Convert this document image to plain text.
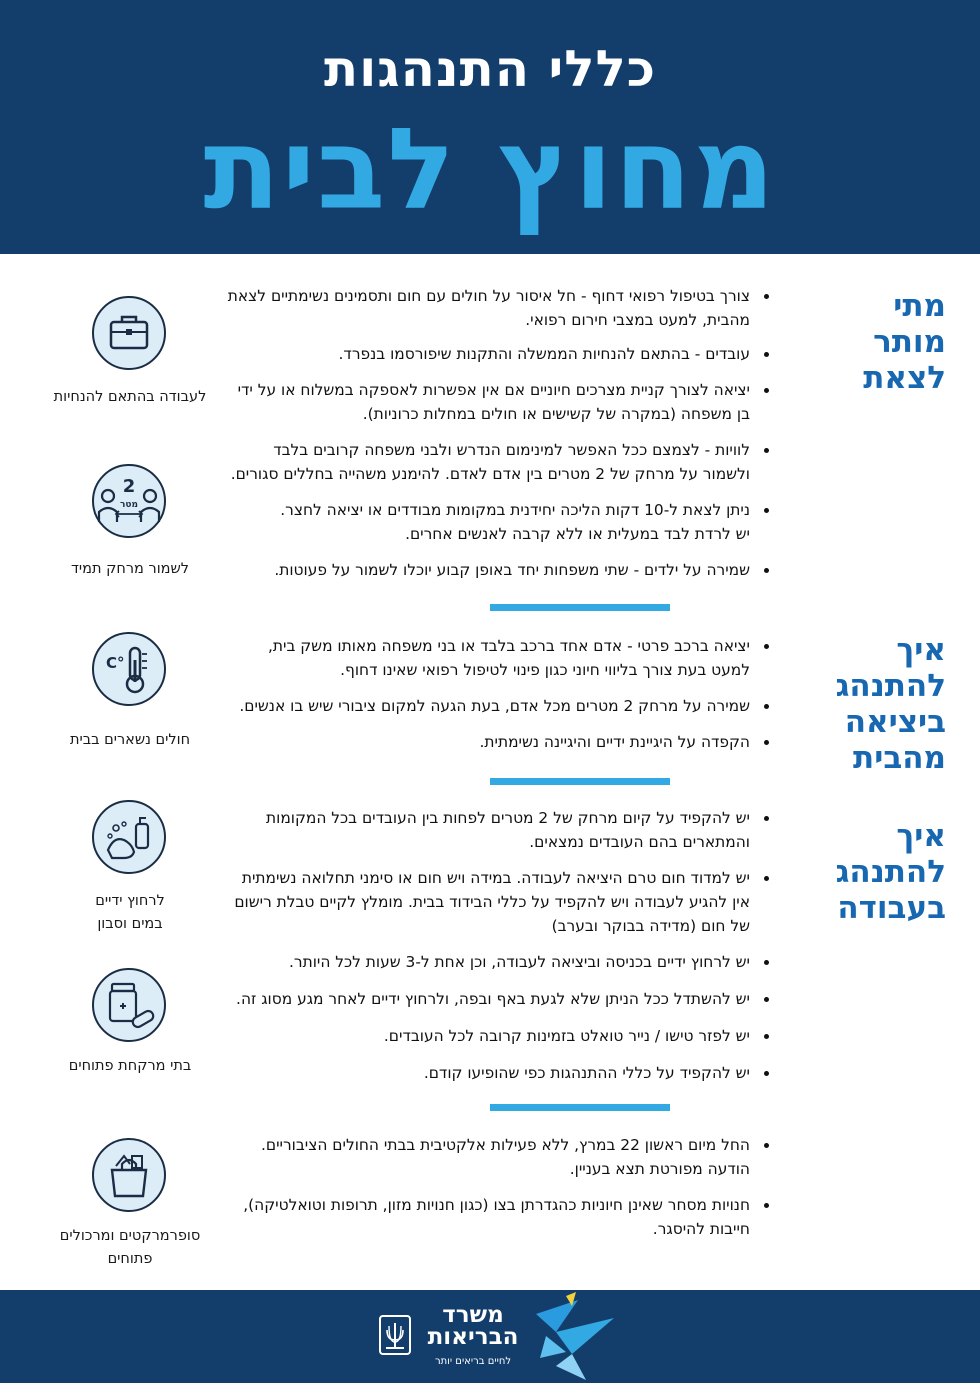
כללי התנהגות
מחוץ לבית
מתי
מותר
לצאת
איך
להתנהג
ביציאה
מהבית
איך
להתנהג
בעבודה
צורך בטיפול רפואי דחוף - חל איסור על חולים עם חום ותסמינים נשימתיים לצאת
מהבית, למעט במצבי חירום רפואי.
עובדים - בהתאם להנחיות הממשלה והתקנות שיפורסמו בנפרד.
יציאה לצורך קניית מצרכים חיוניים אם אין אפשרות לאספקה במשלוח או על ידי
בן משפחה (במקרה של קשישים או חולים במחלות כרוניות).
לוויות - לצמצם ככל האפשר למינימום הנדרש ולבני משפחה קרובים בלבד
ולשמור על מרחק של 2 מטרים בין אדם לאדם. להימנע משהייה בחללים סגורים.
ניתן לצאת ל-10 דקות הליכה יחידנית במקומות מבודדים או יציאה לחצר.
יש לרדת לבד במעלית או ללא קרבה לאנשים אחרים.
שמירה על ילדים - שתי משפחות יחד באופן קבוע יוכלו לשמור על פעוטות.
יציאה ברכב פרטי - אדם אחד ברכב בלבד או בני משפחה מאותו משק בית,
למעט בעת צורך בליווי חיוני כגון פינוי לטיפול רפואי שאינו דחוף.
שמירה על מרחק 2 מטרים מכל אדם, בעת הגעה למקום ציבורי שיש בו אנשים.
הקפדה על היגיינת ידיים והיגיינה נשימתית.
יש להקפיד על קיום מרחק של 2 מטרים לפחות בין העובדים בכל המקומות
והמתארים בהם העובדים נמצאים.
יש למדוד חום טרם היציאה לעבודה. במידה ויש חום או סימני תחלואה נשימתית
אין להגיע לעבודה ויש להקפיד על כללי הבידוד בבית. מומלץ לקיים טבלת רישום
של חום (מדידה בבוקר ובערב)
יש לרחוץ ידיים בכניסה וביציאה לעבודה, וכן אחת ל-3 שעות לכל היותר.
יש להשתדל ככל הניתן שלא לגעת באף ובפה, ולרחוץ ידיים לאחר מגע מסוג זה.
יש לפזר טישו / נייר טואלט בזמינות קרובה לכל העובדים.
יש להקפיד על כללי ההתנהגות כפי שהופיעו קודם.
החל מיום ראשון 22 במרץ, ללא פעילות אלקטיבית בבתי החולים הציבוריים.
הודעה מפורטת תצא בעניין.
חנויות מסחר שאינן חיוניות כהגדרתן בצו (כגון חנויות מזון, תרופות וטואלטיקה),
חייבות להיסגר.
לעבודה בהתאם להנחיות
2
מטר
לשמור מרחק תמיד
°C
חולים נשארים בבית
לרחוץ ידיים
במים וסבון
בתי מרקחת פתוחים
סופרמרקטים ומרכולים
פתוחים
משרד
הבריאות
לחיים בריאים יותר
